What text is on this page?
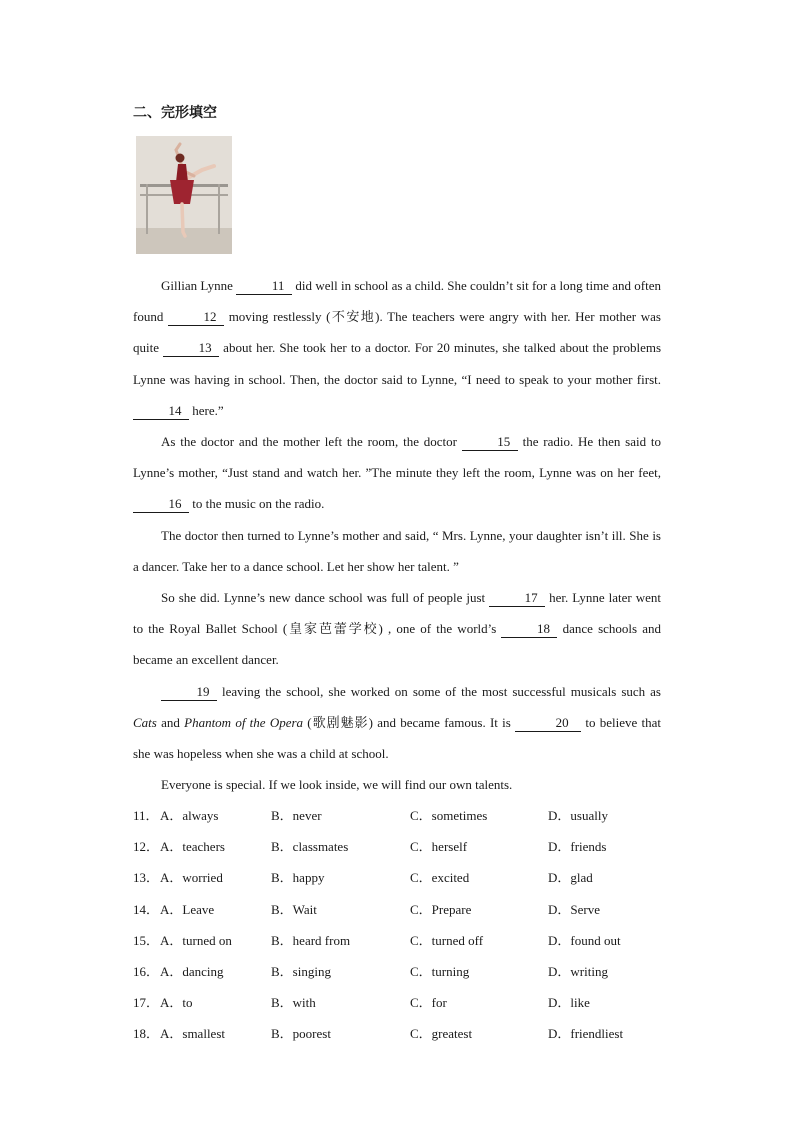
二、完形填空

Gillian Lynne	11 did well in school as a child. She couldn’t sit for a long time and often found	12 moving restlessly (不安地). The teachers were angry with her. Her mother was quite	13 about her. She took her to a doctor. For 20 minutes, she talked about the problems Lynne was having in school. Then, the doctor said to Lynne, “I need to speak to your mother first. 14 here.”

As the doctor and the mother left the room, the doctor	15 the radio. He then said to Lynne’s mother, “Just stand and watch her. ”The minute they left the room, Lynne was on her feet, 16 to the music on the radio.

The doctor then turned to Lynne’s mother and said, “ Mrs. Lynne, your daughter isn’t ill. She is a dancer. Take her to a dance school. Let her show her talent. ”

So she did. Lynne’s new dance school was full of people just	17 her. Lynne later went to the Royal Ballet School (皇家芭蕾学校) , one of the world’s	18 dance schools and became an excellent dancer.

19 leaving the school, she worked on some of the most successful musicals such as Cats and Phantom of the Opera (歌剧魅影) and became famous. It is	20 to believe that she was hopeless when she was a child at school.

Everyone is special. If we look inside, we will find our own talents.

11． A．always	B．never	C．sometimes	D．usually
12． A．teachers	B．classmates	C．herself	D．friends
13． A．worried	B．happy	C．excited	D．glad
14． A．Leave	B．Wait	C．Prepare	D．Serve
15． A．turned on	B．heard from	C．turned off	D．found out
16． A．dancing	B．singing	C．turning	D．writing
17． A．to	B．with	C．for	D．like
18． A．smallest	B．poorest	C．greatest	D．friendliest
